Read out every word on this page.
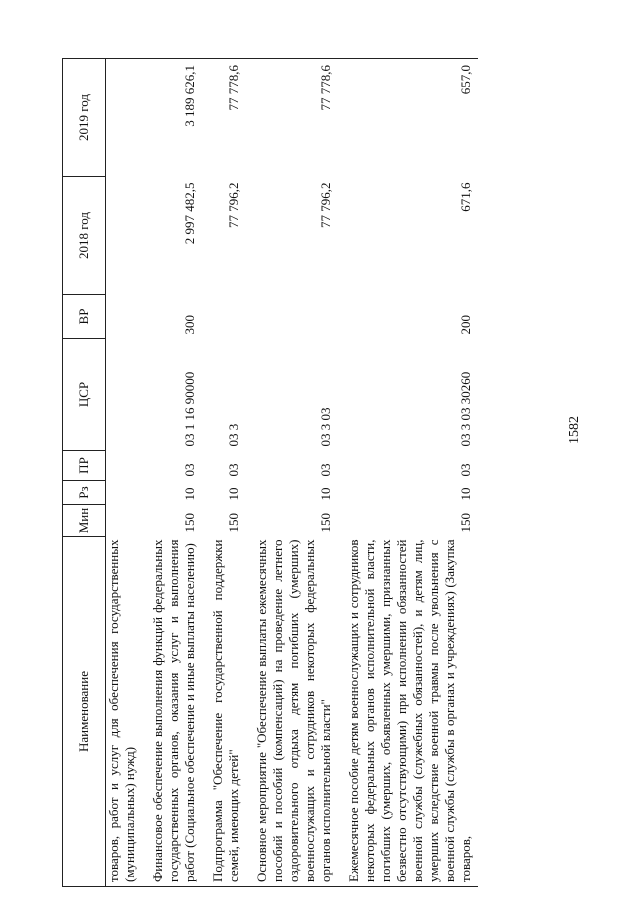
1582
Наименование	Мин	Рз	ПР	ЦСР	ВР	2018 год	2019 год
товаров, работ и услуг для обеспечения государственных (муниципальных) нужд)							
Финансовое обеспечение выполнения функций федеральных государственных органов, оказания услуг и выполнения работ (Социальное обеспечение и иные выплаты населению)	150	10	03	03 1 16 90000	300	2 997 482,5	3 189 626,1
Подпрограмма "Обеспечение государственной поддержки семей, имеющих детей"	150	10	03	03 3		77 796,2	77 778,6
Основное мероприятие "Обеспечение выплаты ежемесячных пособий и пособий (компенсаций) на проведение летнего оздоровительного отдыха детям погибших (умерших) военнослужащих и сотрудников некоторых федеральных органов исполнительной власти"	150	10	03	03 3 03		77 796,2	77 778,6
Ежемесячное пособие детям военнослужащих и сотрудников некоторых федеральных органов исполнительной власти, погибших (умерших, объявленных умершими, признанных безвестно отсутствующими) при исполнении обязанностей военной службы (служебных обязанностей), и детям лиц, умерших вследствие военной травмы после увольнения с военной службы (службы в органах и учреждениях) (Закупка товаров,	150	10	03	03 3 03 30260	200	671,6	657,0
